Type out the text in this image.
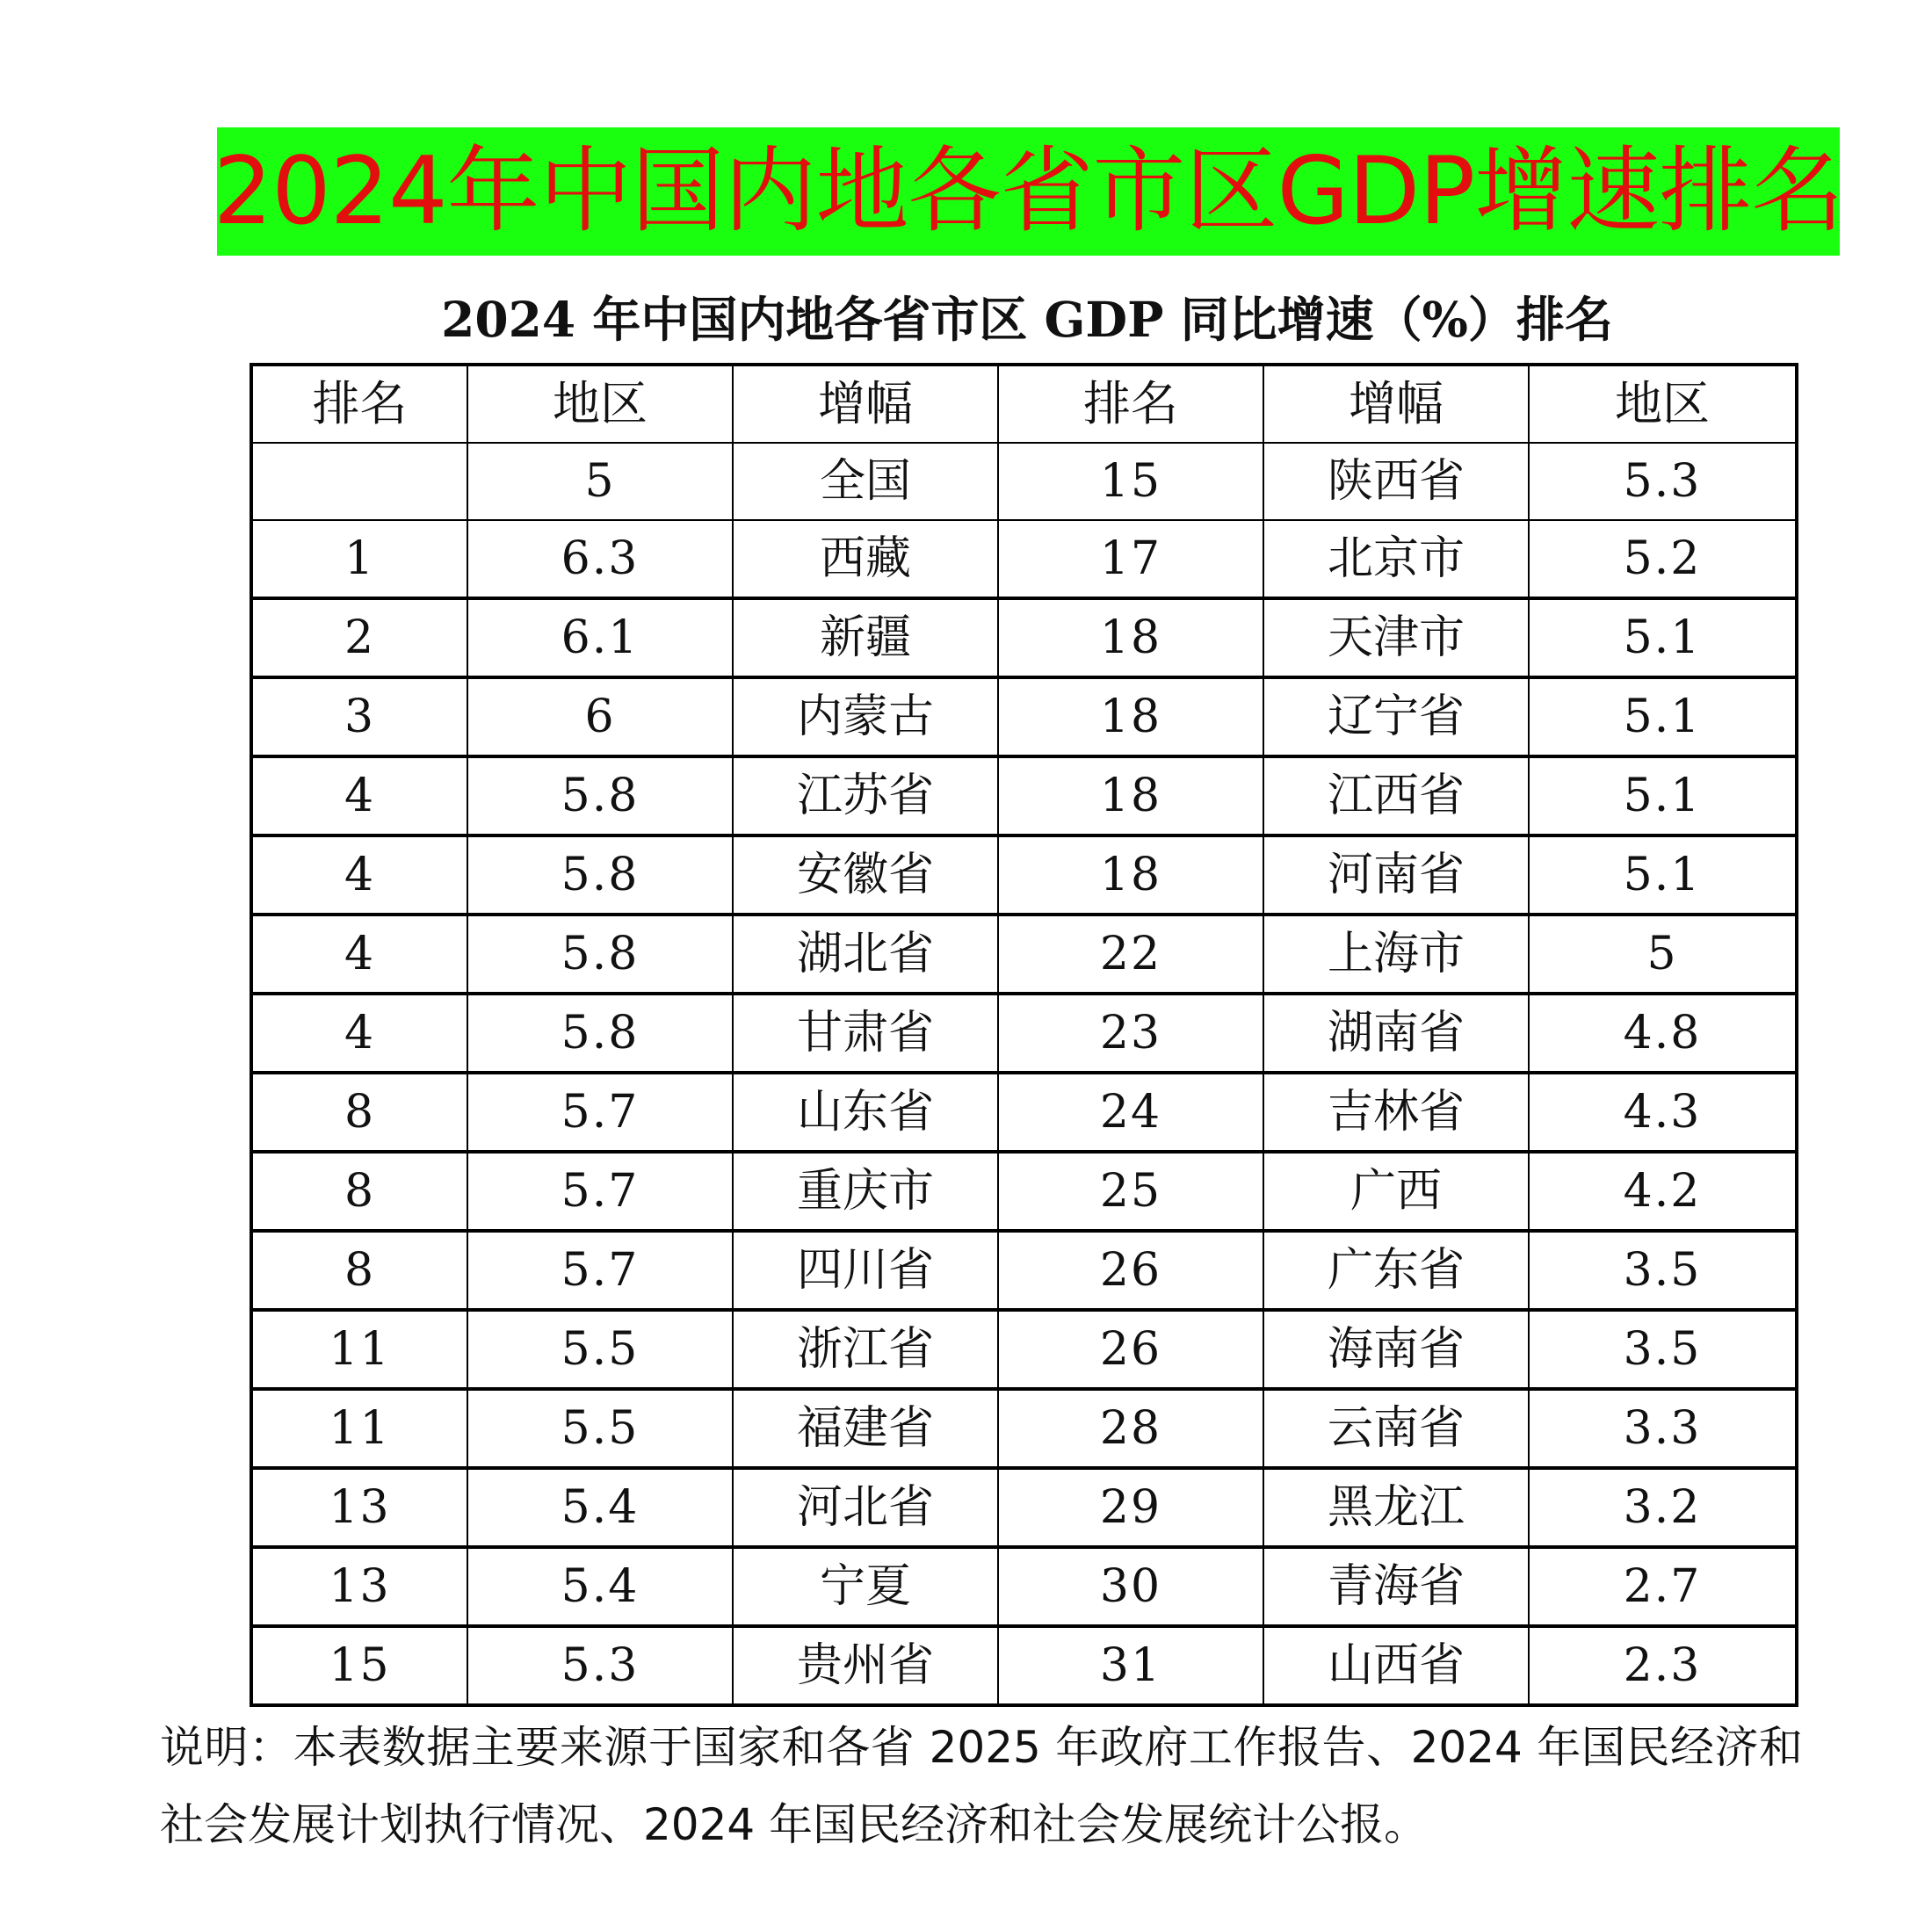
2024年中国内地各省市区GDP增速排名
2024 年中国内地各省市区 GDP 同比增速（%）排名
排名	地区	增幅	排名	增幅	地区
	5	全国	15	陕西省	5.3
1	6.3	西藏	17	北京市	5.2
2	6.1	新疆	18	天津市	5.1
3	6	内蒙古	18	辽宁省	5.1
4	5.8	江苏省	18	江西省	5.1
4	5.8	安徽省	18	河南省	5.1
4	5.8	湖北省	22	上海市	5
4	5.8	甘肃省	23	湖南省	4.8
8	5.7	山东省	24	吉林省	4.3
8	5.7	重庆市	25	广西	4.2
8	5.7	四川省	26	广东省	3.5
11	5.5	浙江省	26	海南省	3.5
11	5.5	福建省	28	云南省	3.3
13	5.4	河北省	29	黑龙江	3.2
13	5.4	宁夏	30	青海省	2.7
15	5.3	贵州省	31	山西省	2.3
说明：本表数据主要来源于国家和各省 2025 年政府工作报告、2024 年国民经济和社会发展计划执行情况、2024 年国民经济和社会发展统计公报。
